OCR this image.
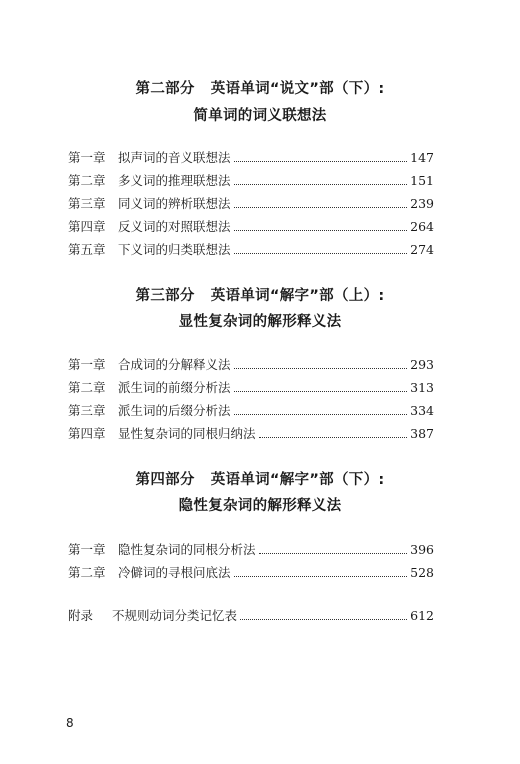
第二部分 英语单词“说文”部（下）:
简单词的词义联想法
第一章 拟声词的音义联想法	147
第二章 多义词的推理联想法	151
第三章 同义词的辨析联想法	239
第四章 反义词的对照联想法	264
第五章 下义词的归类联想法	274
第三部分 英语单词“解字”部（上）:
显性复杂词的解形释义法
第一章 合成词的分解释义法	293
第二章 派生词的前缀分析法	313
第三章 派生词的后缀分析法	334
第四章 显性复杂词的同根归纳法	387
第四部分 英语单词“解字”部（下）:
隐性复杂词的解形释义法
第一章 隐性复杂词的同根分析法	396
第二章 冷僻词的寻根问底法	528
附录	不规则动词分类记忆表	612
8
